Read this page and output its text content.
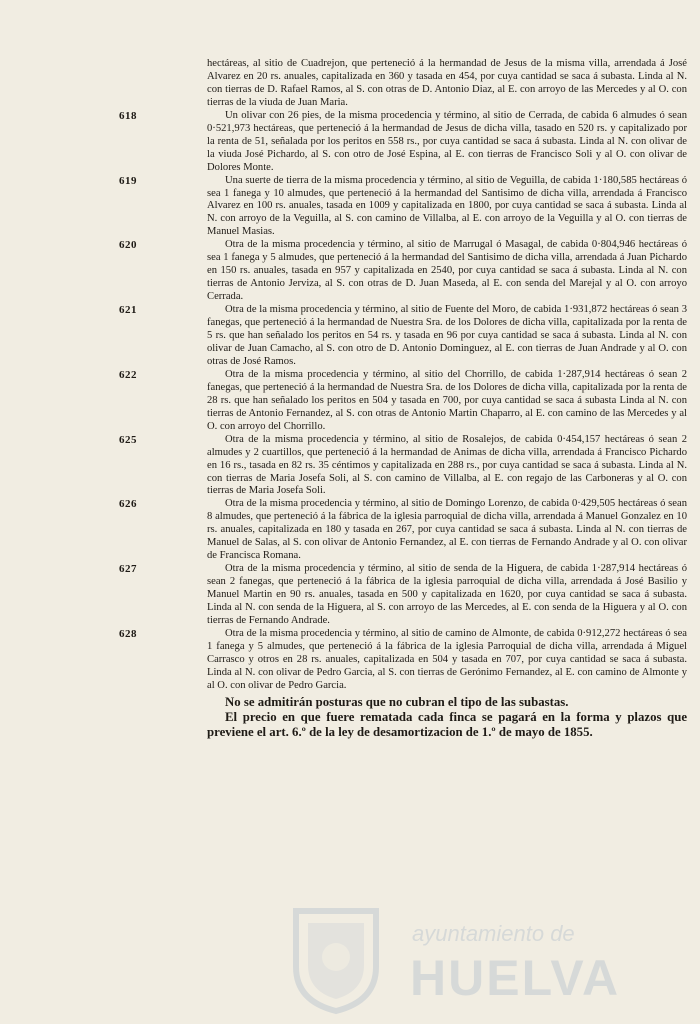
hectáreas, al sitio de Cuadrejon, que perteneció á la hermandad de Jesus de la misma villa, arrendada á José Alvarez en 20 rs. anuales, capitalizada en 360 y tasada en 454, por cuya cantidad se saca á subasta. Linda al N. con tierras de D. Rafael Ramos, al S. con otras de D. Antonio Diaz, al E. con arroyo de las Mercedes y al O. con tierras de la viuda de Juan Maria.
618	Un olivar con 26 pies, de la misma procedencia y término, al sitio de Cerrada, de cabida 6 almudes ó sean 0·521,973 hectáreas, que perteneció á la hermandad de Jesus de dicha villa, tasado en 520 rs. y capitalizado por la renta de 51, señalada por los peritos en 558 rs., por cuya cantidad se saca á subasta. Linda al N. con olivar de la viuda José Pichardo, al S. con otro de José Espina, al E. con tierras de Francisco Soli y al O. con olivar de Dolores Monte.
619	Una suerte de tierra de la misma procedencia y término, al sitio de Veguilla, de cabida 1·180,585 hectáreas ó sea 1 fanega y 10 almudes, que perteneció á la hermandad del Santisimo de dicha villa, arrendada á Francisco Alvarez en 100 rs. anuales, tasada en 1009 y capitalizada en 1800, por cuya cantidad se saca á subasta. Linda al N. con arroyo de la Veguilla, al S. con camino de Villalba, al E. con arroyo de la Veguilla y al O. con tierras de Manuel Masias.
620	Otra de la misma procedencia y término, al sitio de Marrugal ó Masagal, de cabida 0·804,946 hectáreas ó sea 1 fanega y 5 almudes, que perteneció á la hermandad del Santisimo de dicha villa, arrendada á Juan Pichardo en 150 rs. anuales, tasada en 957 y capitalizada en 2540, por cuya cantidad se saca á subasta. Linda al N. con tierras de Antonio Jerviza, al S. con otras de D. Juan Maseda, al E. con senda del Marejal y al O. con arroyo Cerrada.
621	Otra de la misma procedencia y término, al sitio de Fuente del Moro, de cabida 1·931,872 hectáreas ó sean 3 fanegas, que perteneció á la hermandad de Nuestra Sra. de los Dolores de dicha villa, capitalizada por la renta de 5 rs. que han señalado los peritos en 54 rs. y tasada en 96 por cuya cantidad se saca á subasta. Linda al N. con olivar de Juan Camacho, al S. con otro de D. Antonio Dominguez, al E. con tierras de Juan Andrade y al O. con otras de José Ramos.
622	Otra de la misma procedencia y término, al sitio del Chorrillo, de cabida 1·287,914 hectáreas ó sean 2 fanegas, que perteneció á la hermandad de Nuestra Sra. de los Dolores de dicha villa, capitalizada por la renta de 28 rs. que han señalado los peritos en 504 y tasada en 700, por cuya cantidad se saca á subasta Linda al N. con tierras de Antonio Fernandez, al S. con otras de Antonio Martin Chaparro, al E. con camino de las Mercedes y al O. con arroyo del Chorrillo.
625	Otra de la misma procedencia y término, al sitio de Rosalejos, de cabida 0·454,157 hectáreas ó sean 2 almudes y 2 cuartillos, que perteneció á la hermandad de Animas de dicha villa, arrendada á Francisco Pichardo en 16 rs., tasada en 82 rs. 35 céntimos y capitalizada en 288 rs., por cuya cantidad se saca á subasta. Linda al N. con tierras de Maria Josefa Soli, al S. con camino de Villalba, al E. con regajo de las Carboneras y al O. con tierras de Maria Josefa Soli.
626	Otra de la misma procedencia y término, al sitio de Domingo Lorenzo, de cabida 0·429,505 hectáreas ó sean 8 almudes, que perteneció á la fábrica de la iglesia parroquial de dicha villa, arrendada á Manuel Gonzalez en 10 rs. anuales, capitalizada en 180 y tasada en 267, por cuya cantidad se saca á subasta. Linda al N. con tierras de Manuel de Salas, al S. con olivar de Antonio Fernandez, al E. con tierras de Fernando Andrade y al O. con olivar de Francisca Romana.
627	Otra de la misma procedencia y término, al sitio de senda de la Higuera, de cabida 1·287,914 hectáreas ó sean 2 fanegas, que perteneció á la fábrica de la iglesia parroquial de dicha villa, arrendada á José Basilio y Manuel Martin en 90 rs. anuales, tasada en 500 y capitalizada en 1620, por cuya cantidad se saca á subasta. Linda al N. con senda de la Higuera, al S. con arroyo de las Mercedes, al E. con senda de la Higuera y al O. con tierras de Fernando Andrade.
628	Otra de la misma procedencia y término, al sitio de camino de Almonte, de cabida 0·912,272 hectáreas ó sea 1 fanega y 5 almudes, que perteneció á la fábrica de la iglesia Parroquial de dicha villa, arrendada á Miguel Carrasco y otros en 28 rs. anuales, capitalizada en 504 y tasada en 707, por cuya cantidad se saca á subasta. Linda al N. con olivar de Pedro Garcia, al S. con tierras de Gerónimo Fernandez, al E. con camino de Almonte y al O. con olivar de Pedro Garcia.
No se admitirán posturas que no cubran el tipo de las subastas.
El precio en que fuere rematada cada finca se pagará en la forma y plazos que previene el art. 6.º de la ley de desamortizacion de 1.º de mayo de 1855.
ayuntamiento de
HUELVA
